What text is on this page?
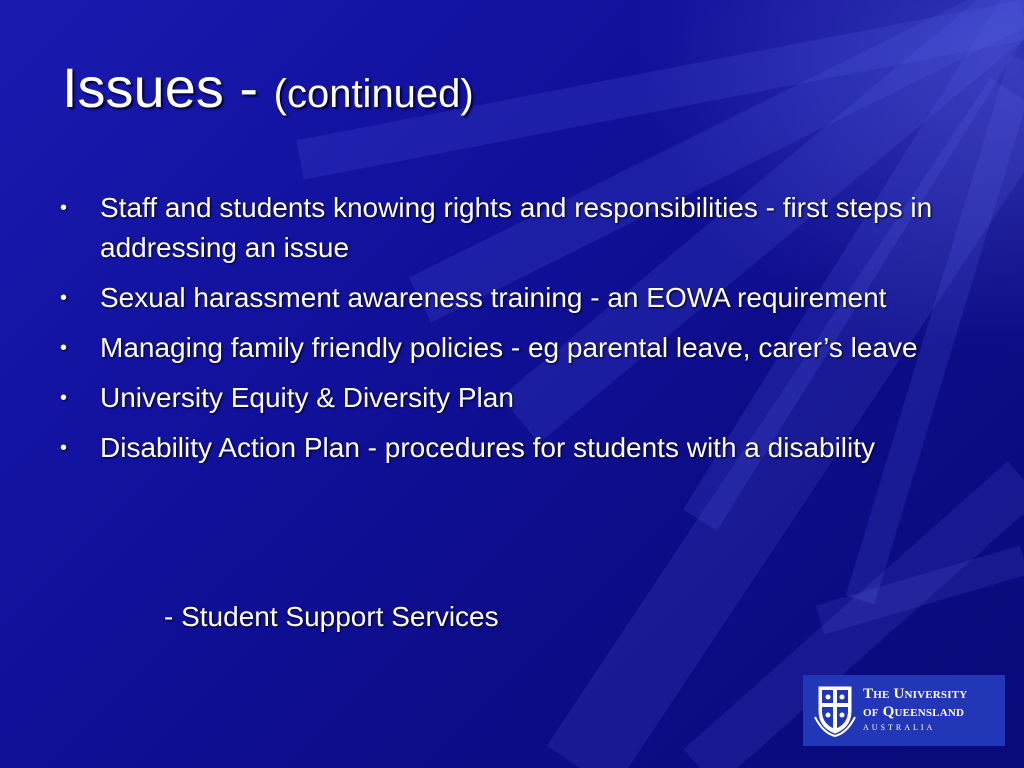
Issues - (continued)
• Staff and students knowing rights and responsibilities - first steps in addressing an issue
• Sexual harassment awareness training - an EOWA requirement
• Managing family friendly policies - eg parental leave, carer’s leave
• University Equity & Diversity Plan
• Disability Action Plan - procedures for students with a disability
- Student Support Services
The University
of Queensland
AUSTRALIA
